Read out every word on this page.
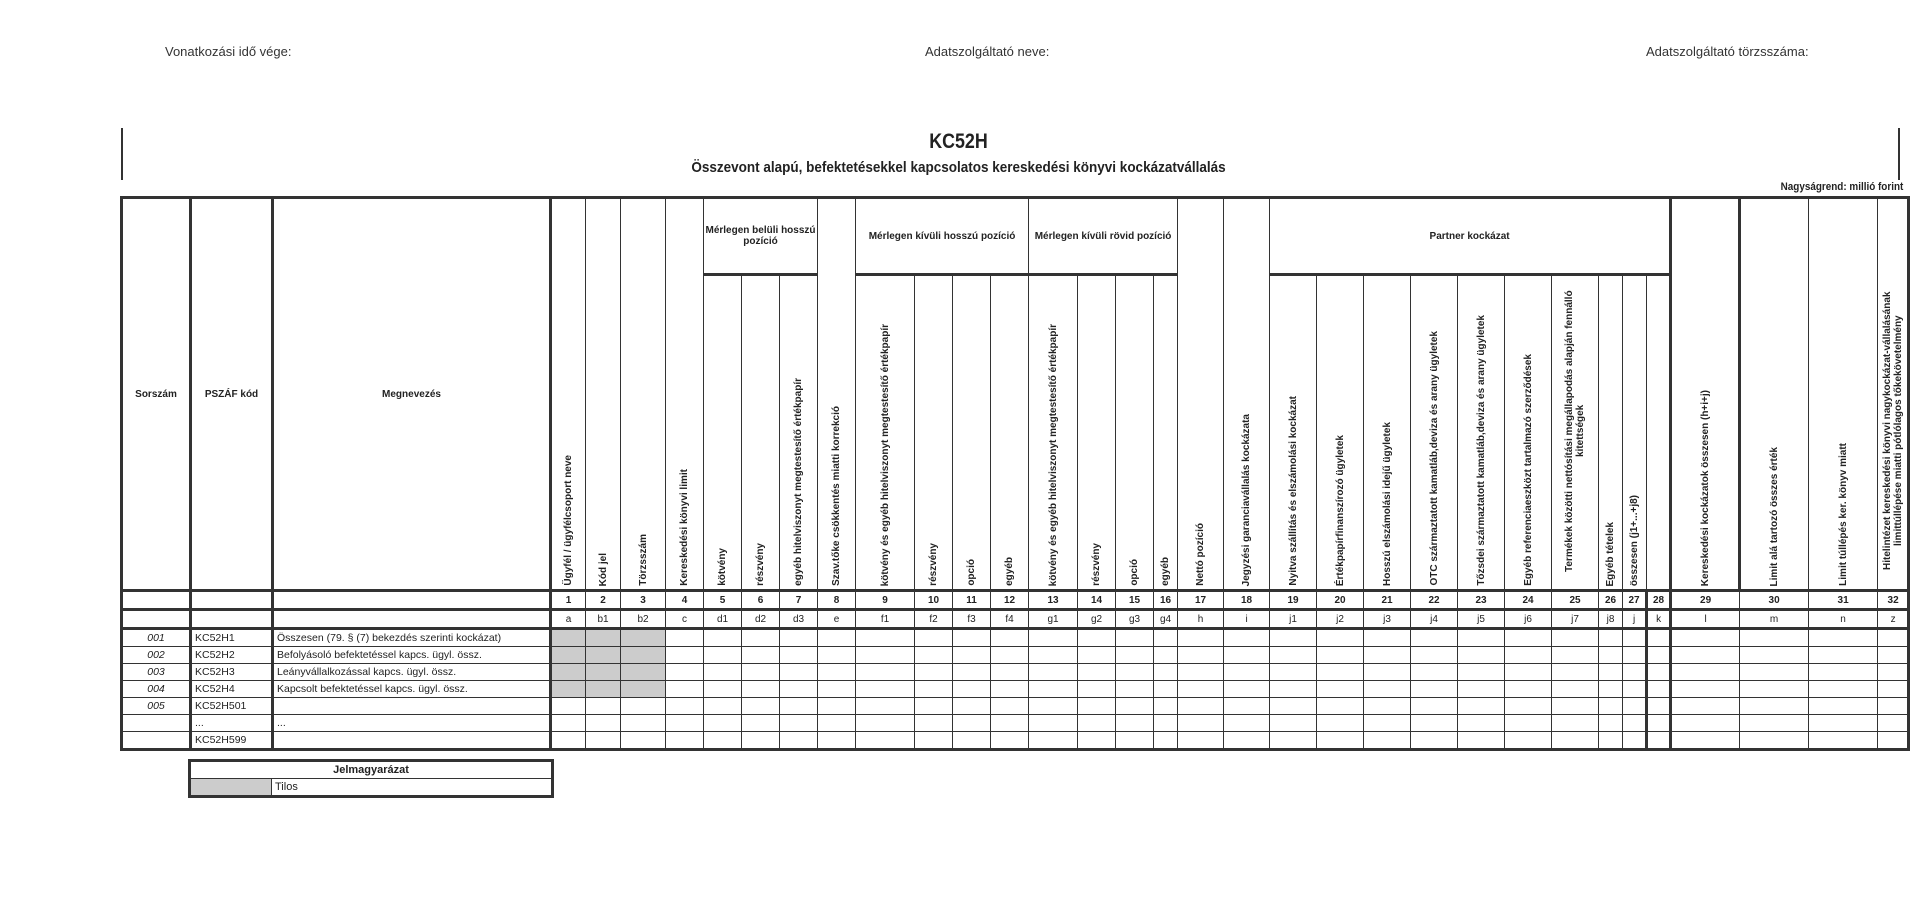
Vonatkozási idő vége:	Adatszolgáltató neve:	Adatszolgáltató törzsszáma:
KC52H
Összevont alapú, befektetésekkel kapcsolatos kereskedési könyvi kockázatvállalás
Nagyságrend: millió forint
Sorszám	PSZÁF kód	Megnevezés	Ügyfél / ügyfélcsoport neve	Kód jel	Törzsszám	Kereskedési könyvi limit	Mérlegen belüli hosszú pozíció			Szav.tőke csökkentés miatti korrekció	Mérlegen kívüli hosszú pozíció				Mérlegen kívüli rövid pozíció				Nettó pozíció	Jegyzési garanciavállalás kockázata	Partner kockázat										Kereskedési kockázatok összesen (h+i+j)	Limit alá tartozó összes érték	Limit túllépés ker. könyv miatt	Hitelintézet kereskedési könyvi nagykockázat-vállalásának limittúllépése miatti pótlólagos tőkekövetelmény	
							kötvény	részvény	egyéb hitelviszonyt megtestesítő értékpapír		kötvény és egyéb hitelviszonyt megtestesítő értékpapír	részvény	opció	egyéb	kötvény és egyéb hitelviszonyt megtestesítő értékpapír	részvény	opció	egyéb			Nyitva szállítás és elszámolási kockázat	Értékpapírfinanszírozó ügyletek	Hosszú elszámolási idejű ügyletek	OTC származtatott kamatláb,deviza és arany ügyletek	Tőzsdei származtatott kamatláb,deviza és arany ügyletek	Egyéb referenciaeszközt tartalmazó szerződések	Termékek közötti nettósítási megállapodás alapján fennálló kitettségek	Egyéb tételek	összesen (j1+...+j8)						
			1	2	3	4	5	6	7	8	9	10	11	12	13	14	15	16	17	18	19	20	21	22	23	24	25	26	27	28	29	30	31	32	
			a	b1	b2	c	d1	d2	d3	e	f1	f2	f3	f4	g1	g2	g3	g4	h	i	j1	j2	j3	j4	j5	j6	j7	j8	j	k	l	m	n	z	
001	KC52H1	Összesen (79. § (7) bekezdés szerinti kockázat)																																	
002	KC52H2	Befolyásoló befektetéssel kapcs. ügyl. össz.																																	
003	KC52H3	Leányvállalkozással kapcs. ügyl. össz.																																	
004	KC52H4	Kapcsolt befektetéssel kapcs. ügyl. össz.																																	
005	KC52H501																																		
	...	...																																	
	KC52H599																																		
Jelmagyarázat
	Tilos
